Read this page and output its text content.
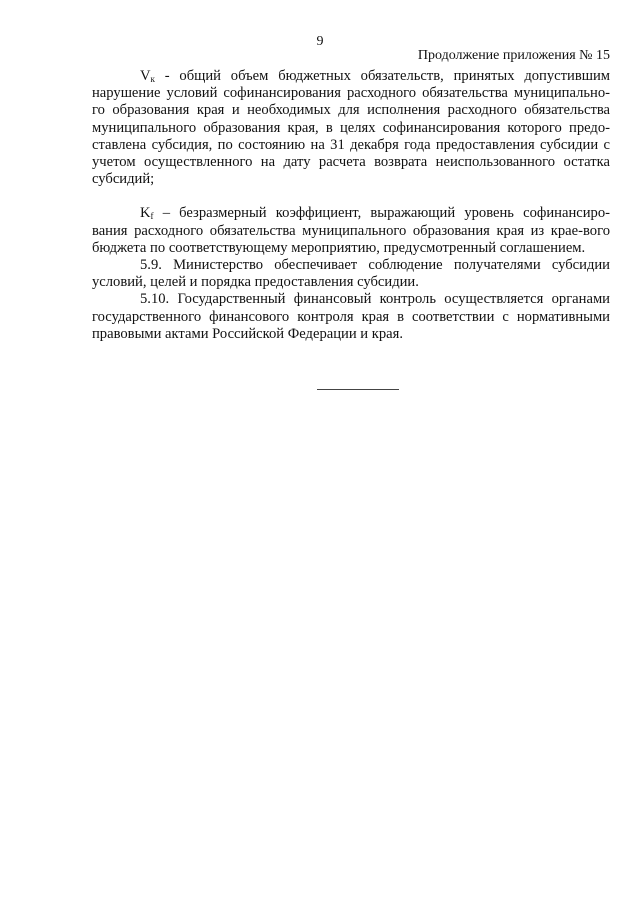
9
Продолжение приложения № 15

$V_к$ - общий объем бюджетных обязательств, принятых допустившим нарушение условий софинансирования расходного обязательства муниципально-го образования края и необходимых для исполнения расходного обязательства муниципального образования края, в целях софинансирования которого предо-ставлена субсидия, по состоянию на 31 декабря года предоставления субсидии с учетом осуществленного на дату расчета возврата неиспользованного остатка субсидий;

$K_f$ – безразмерный коэффициент, выражающий уровень софинансиро-вания расходного обязательства муниципального образования края из крае-вого бюджета по соответствующему мероприятию, предусмотренный соглашением.

5.9. Министерство обеспечивает соблюдение получателями субсидии условий, целей и порядка предоставления субсидии.

5.10. Государственный финансовый контроль осуществляется органами государственного финансового контроля края в соответствии с нормативными правовыми актами Российской Федерации и края.
